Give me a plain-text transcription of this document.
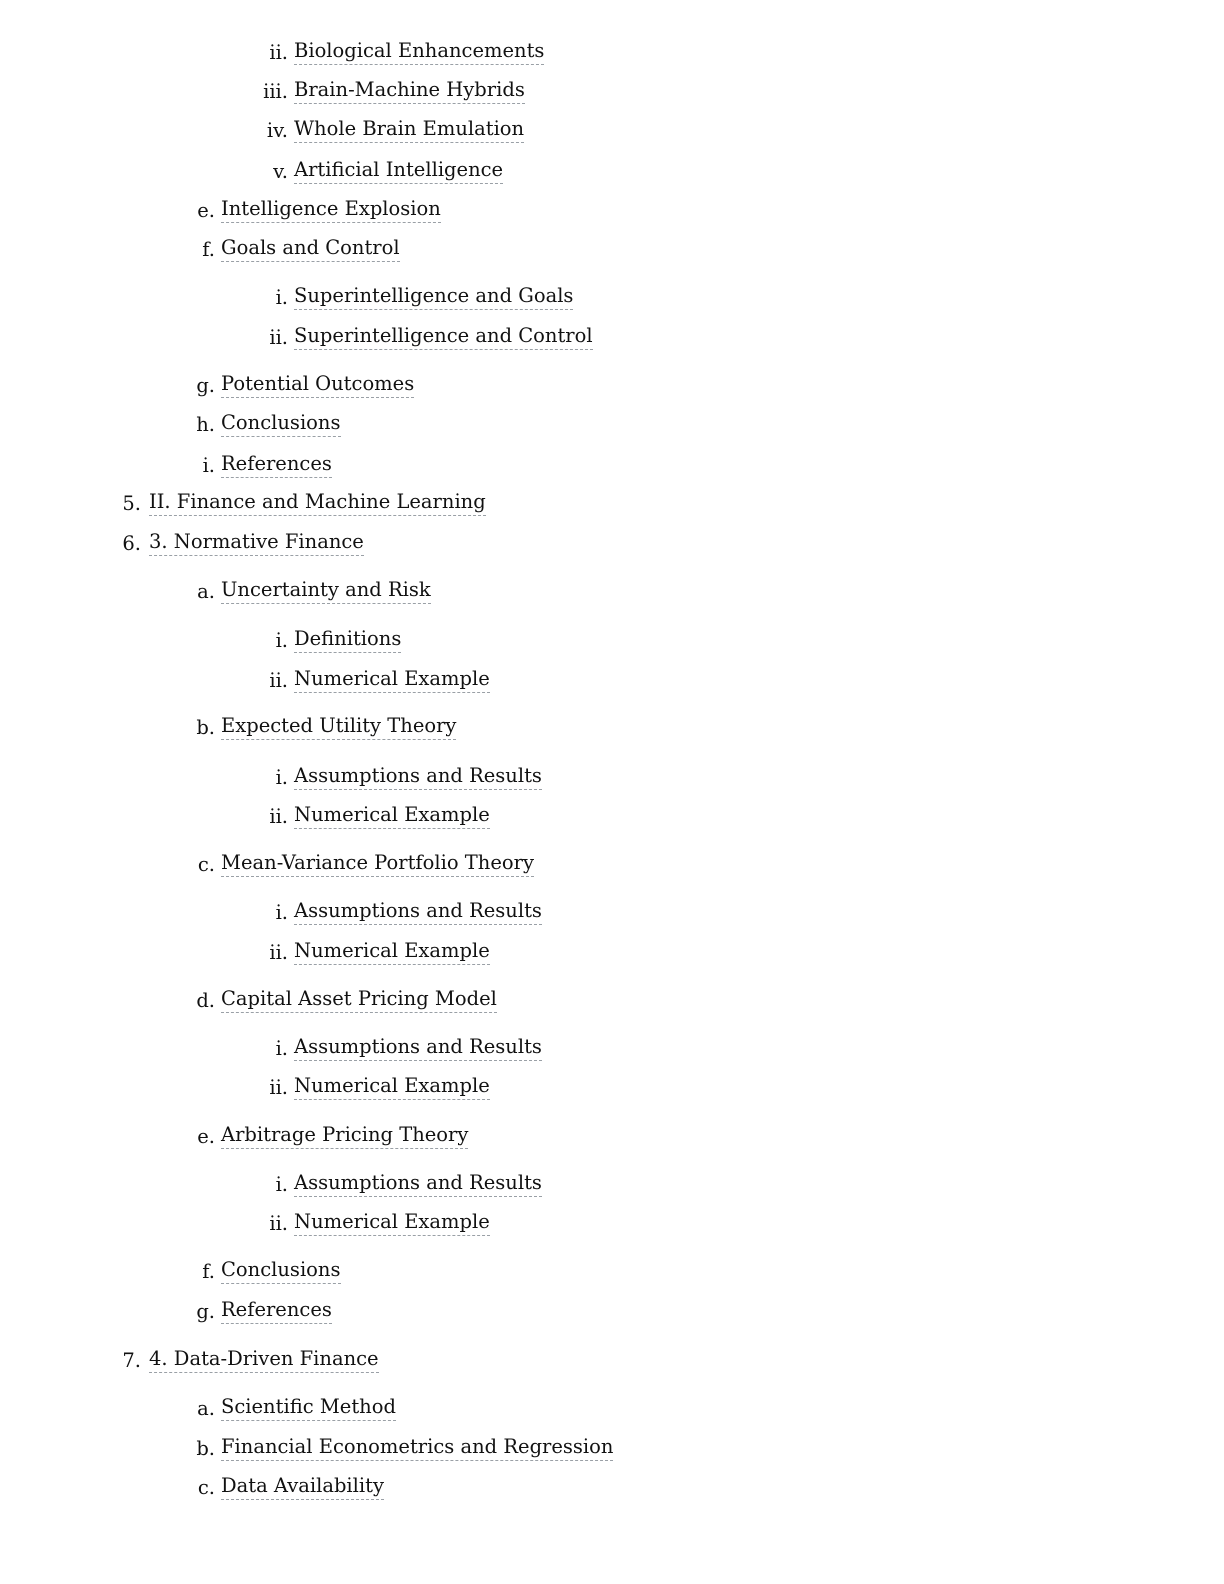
ii. Biological Enhancements
iii. Brain-Machine Hybrids
iv. Whole Brain Emulation
v. Artificial Intelligence
e. Intelligence Explosion
f. Goals and Control
i. Superintelligence and Goals
ii. Superintelligence and Control
g. Potential Outcomes
h. Conclusions
i. References
5. II. Finance and Machine Learning
6. 3. Normative Finance
a. Uncertainty and Risk
i. Definitions
ii. Numerical Example
b. Expected Utility Theory
i. Assumptions and Results
ii. Numerical Example
c. Mean-Variance Portfolio Theory
i. Assumptions and Results
ii. Numerical Example
d. Capital Asset Pricing Model
i. Assumptions and Results
ii. Numerical Example
e. Arbitrage Pricing Theory
i. Assumptions and Results
ii. Numerical Example
f. Conclusions
g. References
7. 4. Data-Driven Finance
a. Scientific Method
b. Financial Econometrics and Regression
c. Data Availability
